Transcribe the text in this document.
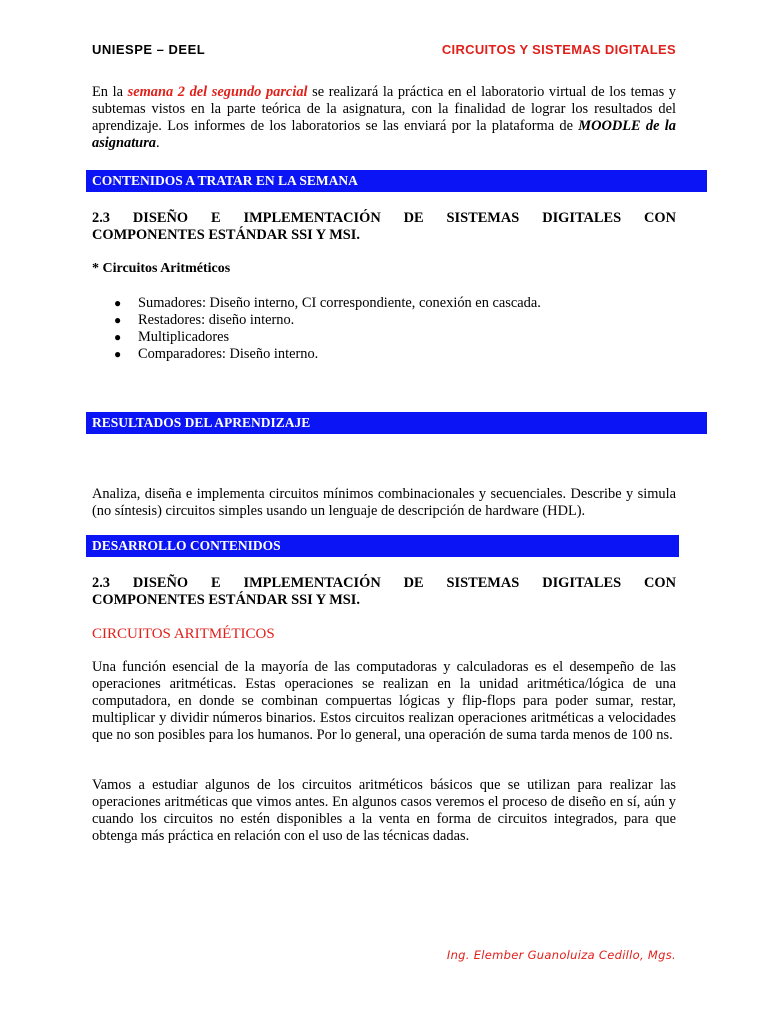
UNIESPE – DEEL	CIRCUITOS Y SISTEMAS DIGITALES
En la semana 2 del segundo parcial se realizará la práctica en el laboratorio virtual de los temas y subtemas vistos en la parte teórica de la asignatura, con la finalidad de lograr los resultados del aprendizaje. Los informes de los laboratorios se las enviará por la plataforma de MOODLE de la asignatura.
CONTENIDOS A TRATAR EN LA SEMANA
2.3 DISEÑO E IMPLEMENTACIÓN DE SISTEMAS DIGITALES CON
COMPONENTES ESTÁNDAR SSI Y MSI.
* Circuitos Aritméticos
● Sumadores: Diseño interno, CI correspondiente, conexión en cascada.
● Restadores: diseño interno.
● Multiplicadores
● Comparadores: Diseño interno.
RESULTADOS DEL APRENDIZAJE
Analiza, diseña e implementa circuitos mínimos combinacionales y secuenciales. Describe y simula (no síntesis) circuitos simples usando un lenguaje de descripción de hardware (HDL).
DESARROLLO CONTENIDOS
2.3 DISEÑO E IMPLEMENTACIÓN DE SISTEMAS DIGITALES CON
COMPONENTES ESTÁNDAR SSI Y MSI.
CIRCUITOS ARITMÉTICOS
Una función esencial de la mayoría de las computadoras y calculadoras es el desempeño de las operaciones aritméticas. Estas operaciones se realizan en la unidad aritmética/lógica de una computadora, en donde se combinan compuertas lógicas y flip-flops para poder sumar, restar, multiplicar y dividir números binarios. Estos circuitos realizan operaciones aritméticas a velocidades que no son posibles para los humanos. Por lo general, una operación de suma tarda menos de 100 ns.
Vamos a estudiar algunos de los circuitos aritméticos básicos que se utilizan para realizar las operaciones aritméticas que vimos antes. En algunos casos veremos el proceso de diseño en sí, aún y cuando los circuitos no estén disponibles a la venta en forma de circuitos integrados, para que obtenga más práctica en relación con el uso de las técnicas dadas.
Ing. Elember Guanoluiza Cedillo, Mgs.
